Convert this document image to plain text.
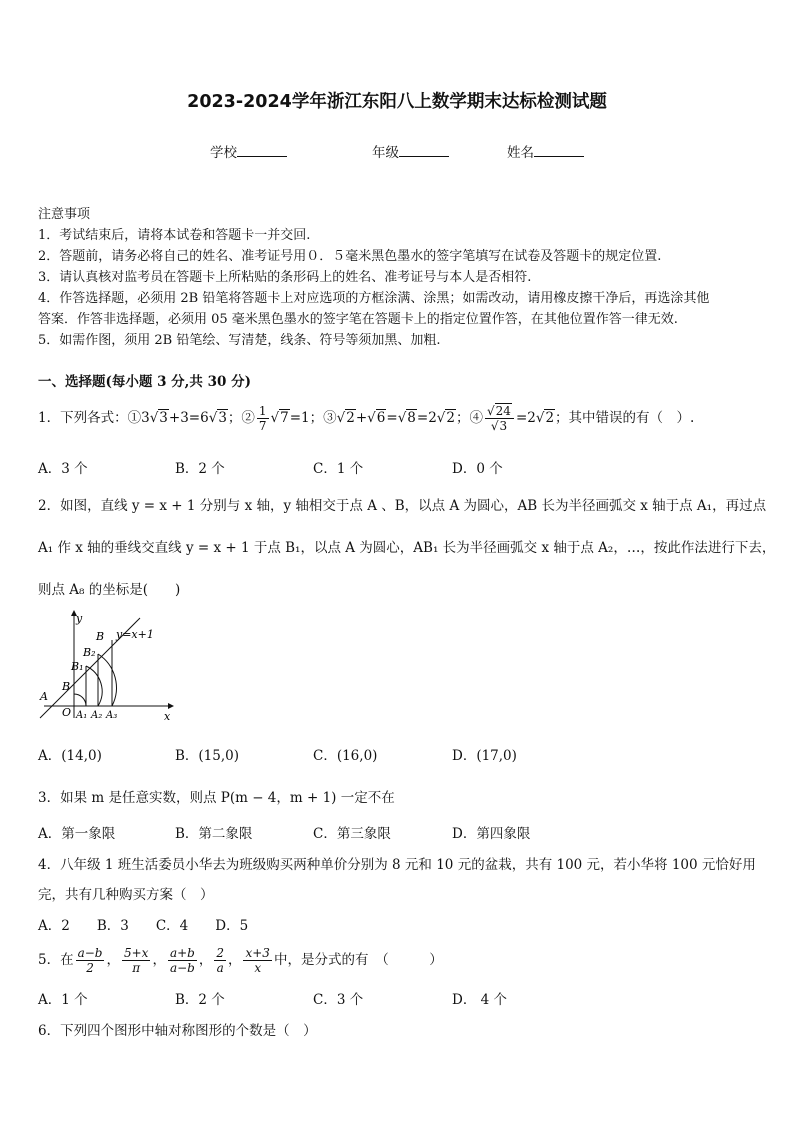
2023-2024学年浙江东阳八上数学期末达标检测试题
学校	年级	姓名
注意事项
1．考试结束后，请将本试卷和答题卡一并交回.
2．答题前，请务必将自己的姓名、准考证号用０．５毫米黑色墨水的签字笔填写在试卷及答题卡的规定位置.
3．请认真核对监考员在答题卡上所粘贴的条形码上的姓名、准考证号与本人是否相符.
4．作答选择题，必须用 2B 铅笔将答题卡上对应选项的方框涂满、涂黑；如需改动，请用橡皮擦干净后，再选涂其他
答案．作答非选择题，必须用 05 毫米黑色墨水的签字笔在答题卡上的指定位置作答，在其他位置作答一律无效.
5．如需作图，须用 2B 铅笔绘、写清楚，线条、符号等须加黑、加粗.
一、选择题(每小题 3 分,共 30 分)
1．下列各式：①3√3+3=6√3；② $\frac{1}{7} √7=1$；③√2+√6=√8=2√2；④ $\frac{√24}{√3} =2√2$；其中错误的有（　）.
A．3 个	B．2 个	C．1 个	D．0 个
2．如图，直线 y = x + 1 分别与 x 轴，y 轴相交于点 A 、B，以点 A 为圆心，AB 长为半径画弧交 x 轴于点 A₁，再过点
A₁ 作 x 轴的垂线交直线 y = x + 1 于点 B₁，以点 A 为圆心，AB₁ 长为半径画弧交 x 轴于点 A₂，…，按此作法进行下去，
则点 A₈ 的坐标是(　　)
y
x
O
A
B
B₁
B₂
B y=x+1
A₁ A₂ A₃
A．(14,0)	B．(15,0)	C．(16,0)	D．(17,0)
3．如果 m 是任意实数，则点 P(m − 4，m + 1) 一定不在
A．第一象限	B．第二象限	C．第三象限	D．第四象限
4．八年级 1 班生活委员小华去为班级购买两种单价分别为 8 元和 10 元的盆栽，共有 100 元，若小华将 100 元恰好用
完，共有几种购买方案（　）
A．2　　B．3　　C．4　　D．5
5．在 $\frac{a-b}{2}$ ， $\frac{5+x}{\pi}$ ， $\frac{a+b}{a-b}$ ， $\frac{2}{a}$ ， $\frac{x+3}{x}$ 中，是分式的有　（　　　）
A．1 个	B．2 个	C．3 个	D． 4 个
6．下列四个图形中轴对称图形的个数是（　）
